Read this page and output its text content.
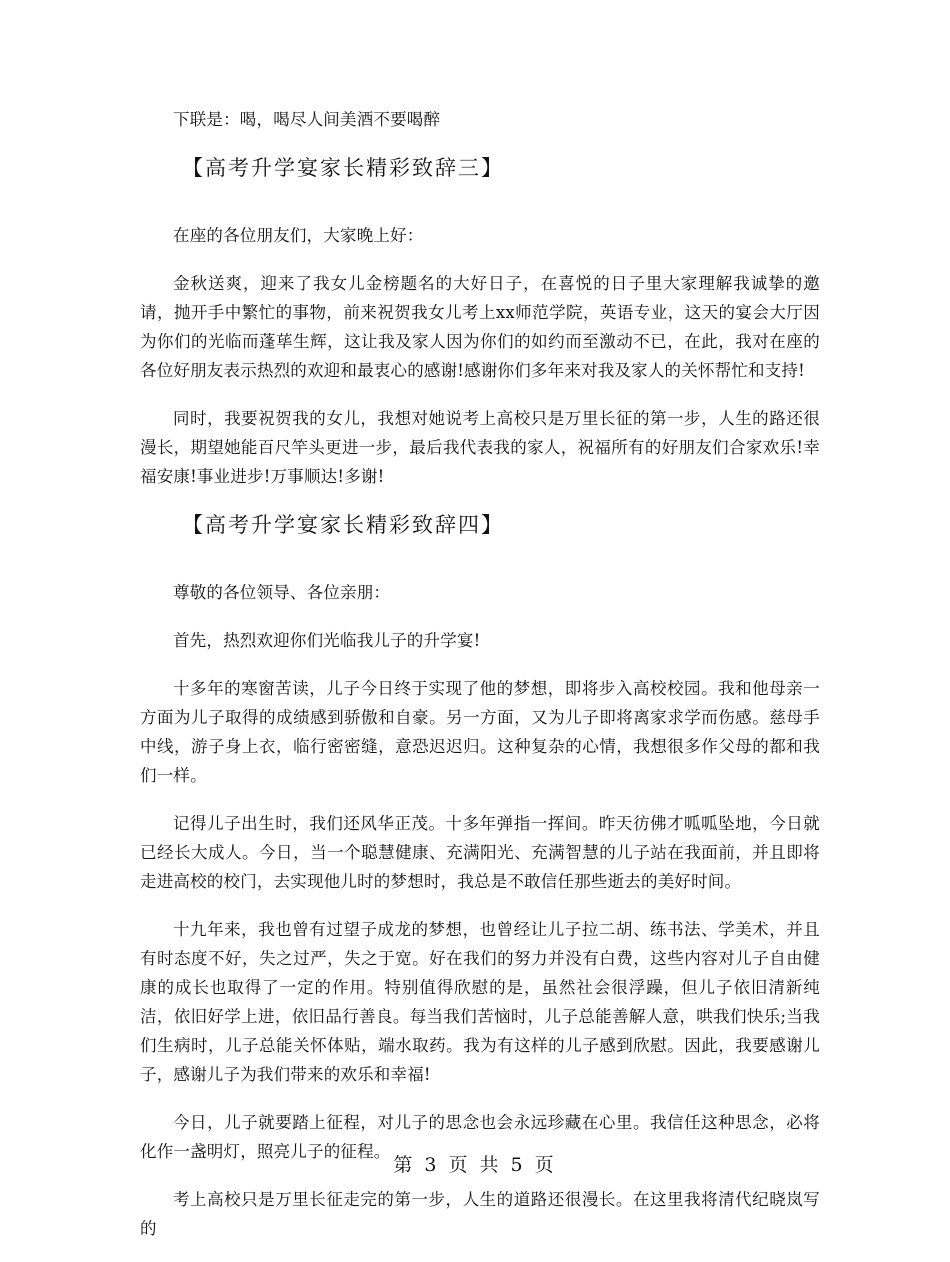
下联是：喝，喝尽人间美酒不要喝醉

【高考升学宴家长精彩致辞三】

在座的各位朋友们，大家晚上好：

金秋送爽，迎来了我女儿金榜题名的大好日子，在喜悦的日子里大家理解我诚挚的邀请，抛开手中繁忙的事物，前来祝贺我女儿考上xx师范学院，英语专业，这天的宴会大厅因为你们的光临而蓬荜生辉，这让我及家人因为你们的如约而至激动不已，在此，我对在座的各位好朋友表示热烈的欢迎和最衷心的感谢!感谢你们多年来对我及家人的关怀帮忙和支持!

同时，我要祝贺我的女儿，我想对她说考上高校只是万里长征的第一步，人生的路还很漫长，期望她能百尺竿头更进一步，最后我代表我的家人，祝福所有的好朋友们合家欢乐!幸福安康!事业进步!万事顺达!多谢!

【高考升学宴家长精彩致辞四】

尊敬的各位领导、各位亲朋：

首先，热烈欢迎你们光临我儿子的升学宴!

十多年的寒窗苦读，儿子今日终于实现了他的梦想，即将步入高校校园。我和他母亲一方面为儿子取得的成绩感到骄傲和自豪。另一方面，又为儿子即将离家求学而伤感。慈母手中线，游子身上衣，临行密密缝，意恐迟迟归。这种复杂的心情，我想很多作父母的都和我们一样。

记得儿子出生时，我们还风华正茂。十多年弹指一挥间。昨天彷佛才呱呱坠地，今日就已经长大成人。今日，当一个聪慧健康、充满阳光、充满智慧的儿子站在我面前，并且即将走进高校的校门，去实现他儿时的梦想时，我总是不敢信任那些逝去的美好时间。

十九年来，我也曾有过望子成龙的梦想，也曾经让儿子拉二胡、练书法、学美术，并且有时态度不好，失之过严，失之于宽。好在我们的努力并没有白费，这些内容对儿子自由健康的成长也取得了一定的作用。特别值得欣慰的是，虽然社会很浮躁，但儿子依旧清新纯洁，依旧好学上进，依旧品行善良。每当我们苦恼时，儿子总能善解人意，哄我们快乐;当我们生病时，儿子总能关怀体贴，端水取药。我为有这样的儿子感到欣慰。因此，我要感谢儿子，感谢儿子为我们带来的欢乐和幸福!

今日，儿子就要踏上征程，对儿子的思念也会永远珍藏在心里。我信任这种思念，必将化作一盏明灯，照亮儿子的征程。

考上高校只是万里长征走完的第一步，人生的道路还很漫长。在这里我将清代纪晓岚写的

第 3 页 共 5 页
